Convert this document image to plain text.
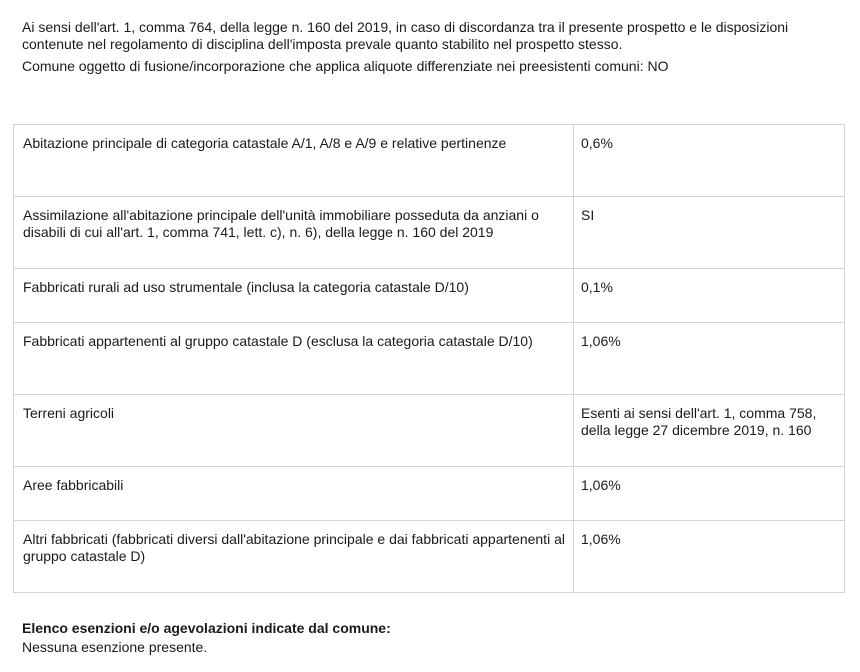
Ai sensi dell'art. 1, comma 764, della legge n. 160 del 2019, in caso di discordanza tra il presente prospetto e le disposizioni contenute nel regolamento di disciplina dell'imposta prevale quanto stabilito nel prospetto stesso.

Comune oggetto di fusione/incorporazione che applica aliquote differenziate nei preesistenti comuni: NO

Abitazione principale di categoria catastale A/1, A/8 e A/9 e relative pertinenze	0,6%
Assimilazione all'abitazione principale dell'unità immobiliare posseduta da anziani o disabili di cui all'art. 1, comma 741, lett. c), n. 6), della legge n. 160 del 2019	SI
Fabbricati rurali ad uso strumentale (inclusa la categoria catastale D/10)	0,1%
Fabbricati appartenenti al gruppo catastale D (esclusa la categoria catastale D/10)	1,06%
Terreni agricoli	Esenti ai sensi dell'art. 1, comma 758, della legge 27 dicembre 2019, n. 160
Aree fabbricabili	1,06%
Altri fabbricati (fabbricati diversi dall'abitazione principale e dai fabbricati appartenenti al gruppo catastale D)	1,06%

Elenco esenzioni e/o agevolazioni indicate dal comune:

Nessuna esenzione presente.
